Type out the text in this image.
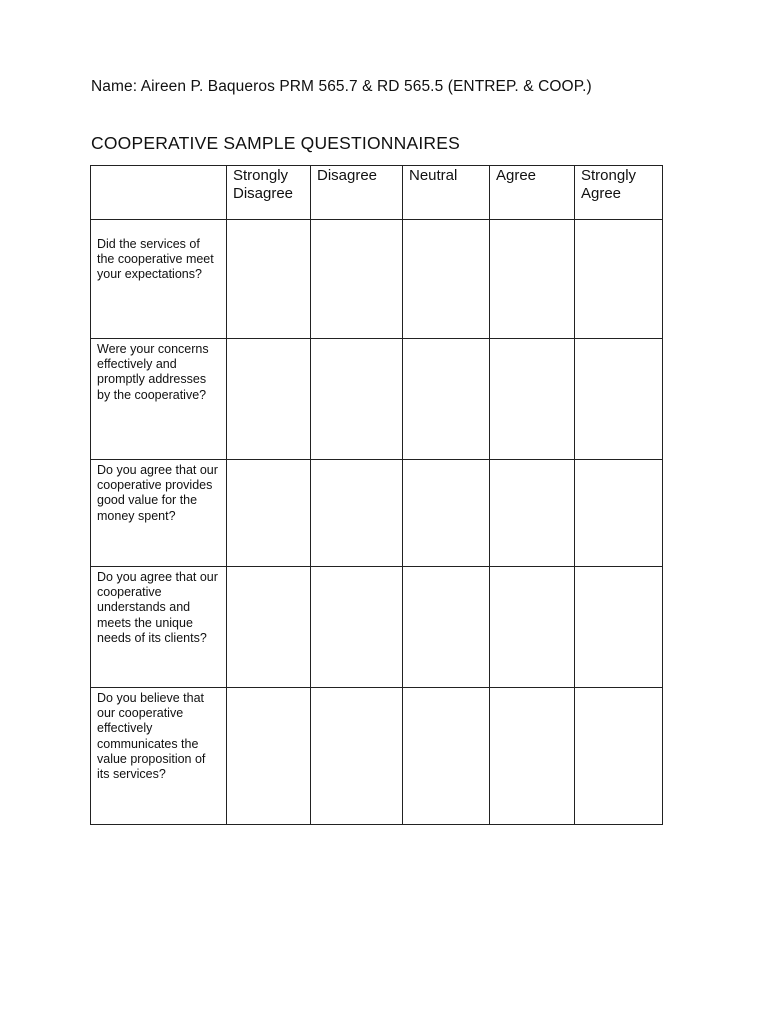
Name: Aireen P. Baqueros PRM 565.7 & RD 565.5 (ENTREP. & COOP.)
COOPERATIVE SAMPLE QUESTIONNAIRES
	Strongly Disagree	Disagree	Neutral	Agree	Strongly Agree
Did the services of the cooperative meet your expectations?					
Were your concerns effectively and promptly addresses by the cooperative?					
Do you agree that our cooperative provides good value for the money spent?					
Do you agree that our cooperative understands and meets the unique needs of its clients?					
Do you believe that our cooperative effectively communicates the value proposition of its services?					
